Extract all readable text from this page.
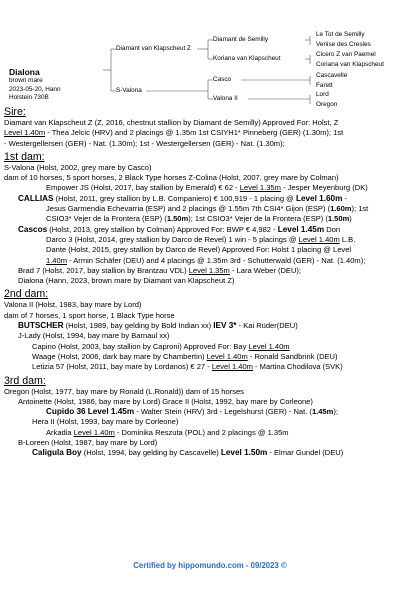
Dialona
brown mare
2023-05-20, Hann
Holstein 730B
Diamant van Klapscheut Z
S-Valona
Diamant de Semilly
Koriana van Klapscheut
Casco
Valona II
Le Tot de Semilly
Venise des Cresles
Cicero Z van Paemel
Coriana van Klapscheut
Cascavelle
Farett
Lord
Oregon

Sire:

Diamant van Klapscheut Z (Z, 2016, chestnut stallion by Diamant de Semilly) Approved For: Holst, Z

Level 1.40m - Thea Jelcic (HRV) and 2 placings @ 1.35m 1st CSIYH1* Pinneberg (GER) (1.30m); 1st

- Westergellersen (GER) - Nat. (1.30m); 1st - Westergellersen (GER) - Nat. (1.30m);

1st dam:

S-Valona (Holst, 2002, grey mare by Casco)

dam of 10 horses, 5 sport horses, 2 Black Type horses Z-Colina (Holst, 2007, grey mare by Colman)

Empower JS (Holst, 2017, bay stallion by Emerald) € 62 - Level 1.35m - Jesper Meyenburg (DK)

CALLIAS (Holst, 2011, grey stallion by L.B. Companiero) € 100,919 - 1 placing @ Level 1.60m -

Jesus Garmendia Echevarria (ESP) and 2 placings @ 1.55m 7th CSI4* Gijon (ESP) (1.60m); 1st

CSIO3* Vejer de la Frontera (ESP) (1.50m); 1st CSIO3* Vejer de la Frontera (ESP) (1.50m)

Cascos (Holst, 2013, grey stallion by Colman) Approved For: BWP € 4,982 - Level 1.45m Don

Darco 3 (Holst, 2014, grey stallion by Darco de Revel) 1 win - 5 placings @ Level 1.40m L.B.

Dante (Holst, 2015, grey stallion by Darco de Revel) Approved For: Holst 1 placing @ Level

1.40m - Armin Schäfer (DEU) and 4 placings @ 1.35m 3rd - Schutterwald (GER) - Nat. (1.40m);

Brad 7 (Holst, 2017, bay stallion by Brantzau VDL) Level 1.35m - Lara Weber (DEU);

Dialona (Hann, 2023, brown mare by Diamant van Klapscheut Z)

2nd dam:

Valona II (Holst, 1983, bay mare by Lord)

dam of 7 horses, 1 sport horse, 1 Black Type horse

BUTSCHER (Holst, 1989, bay gelding by Bold Indian xx) IEV 3* - Kai Rüder(DEU)

J-Lady (Holst, 1994, bay mare by Barnaul xx)

Capino (Holst, 2003, bay stallion by Caproni) Approved For: Bay Level 1.40m

Waage (Holst, 2006, dark bay mare by Chambertin) Level 1.40m - Ronald Sandbrink (DEU)

Letizia 57 (Holst, 2011, bay mare by Lordanos) € 27 - Level 1.40m - Martina Chodilova (SVK)

3rd dam:

Oregon (Holst, 1977, bay mare by Ronald (L.Ronald)) dam of 15 horses

Antoinette (Holst, 1986, bay mare by Lord) Grace II (Holst, 1992, bay mare by Corleone)

Cupido 36 Level 1.45m - Walter Stein (HRV) 3rd - Legelshurst (GER) - Nat. (1.45m);

Hera II (Holst, 1993, bay mare by Corleone)

Arkadia Level 1.40m - Dominika Reszuta (POL) and 2 placings @ 1.35m

B-Loreen (Holst, 1987, bay mare by Lord)

Caligula Boy (Holst, 1994, bay gelding by Cascavelle) Level 1.50m - Elmar Gundel (DEU)

Certified by hippomundo.com - 09/2023 ©
